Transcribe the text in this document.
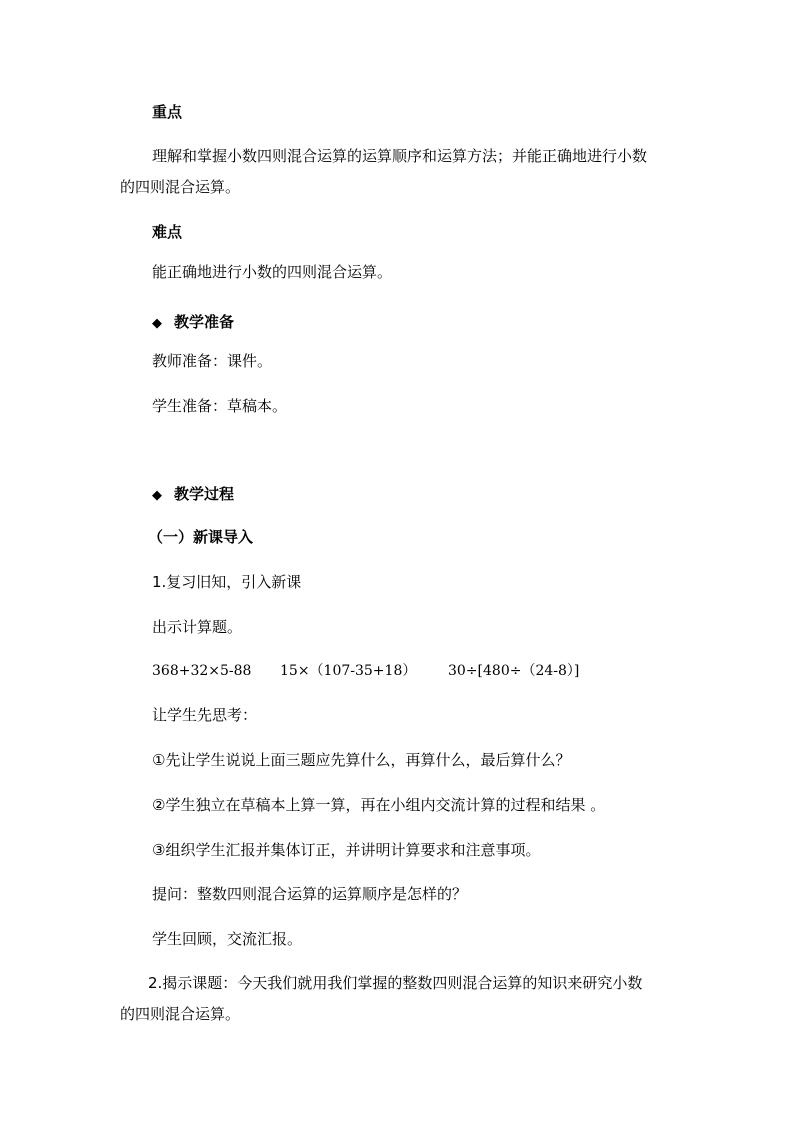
重点

理解和掌握小数四则混合运算的运算顺序和运算方法；并能正确地进行小数

的四则混合运算。

难点

能正确地进行小数的四则混合运算。

◆ 教学准备

教师准备：课件。

学生准备：草稿本。

◆ 教学过程

（一）新课导入

1.复习旧知，引入新课

出示计算题。

368+32×5-88 15×（107-35+18） 30÷[480÷（24-8）]

让学生先思考：

①先让学生说说上面三题应先算什么，再算什么，最后算什么？

②学生独立在草稿本上算一算，再在小组内交流计算的过程和结果 。

③组织学生汇报并集体订正，并讲明计算要求和注意事项。

提问：整数四则混合运算的运算顺序是怎样的？

学生回顾，交流汇报。

2.揭示课题：今天我们就用我们掌握的整数四则混合运算的知识来研究小数

的四则混合运算。
